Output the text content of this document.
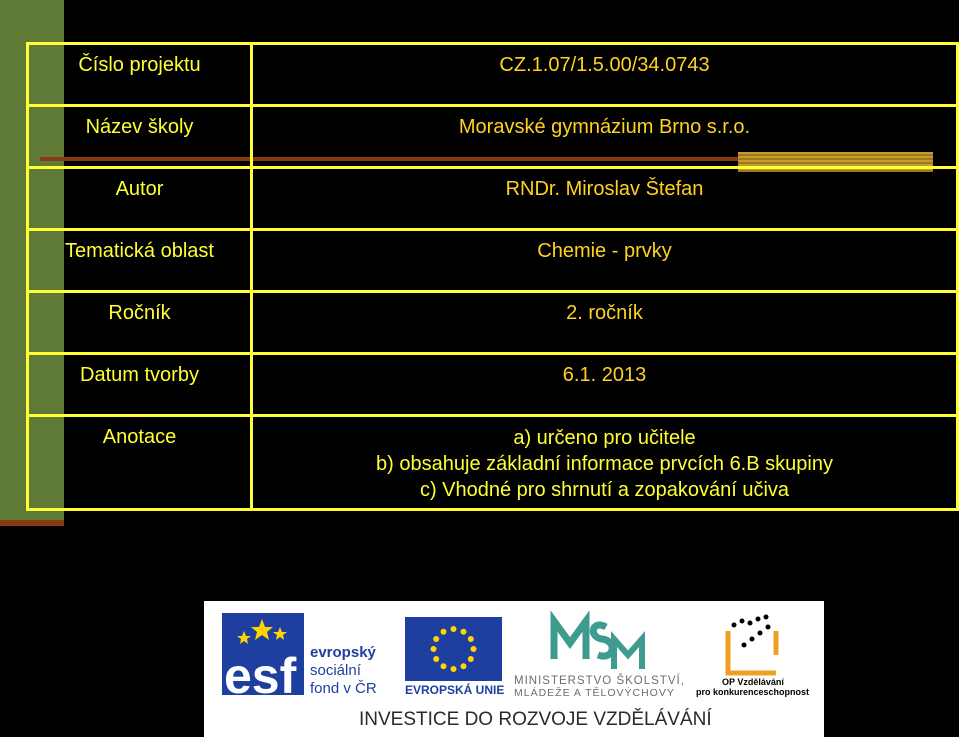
Číslo projektu	CZ.1.07/1.5.00/34.0743

Název školy	Moravské gymnázium Brno s.r.o.

Autor	RNDr. Miroslav Štefan

Tematická oblast	Chemie - prvky

Ročník	2. ročník

Datum tvorby	6.1. 2013

Anotace	a) určeno pro učitele
b) obsahuje základní informace prvcích 6.B skupiny
c) Vhodné pro shrnutí a zopakování učiva
esf evropský
sociální
fond v ČR EVROPSKÁ UNIE
MINISTERSTVO ŠKOLSTVÍ,
MLÁDEŽE A TĚLOVÝCHOVY
OP Vzdělávání
pro konkurenceschopnost
INVESTICE DO ROZVOJE VZDĚLÁVÁNÍ
